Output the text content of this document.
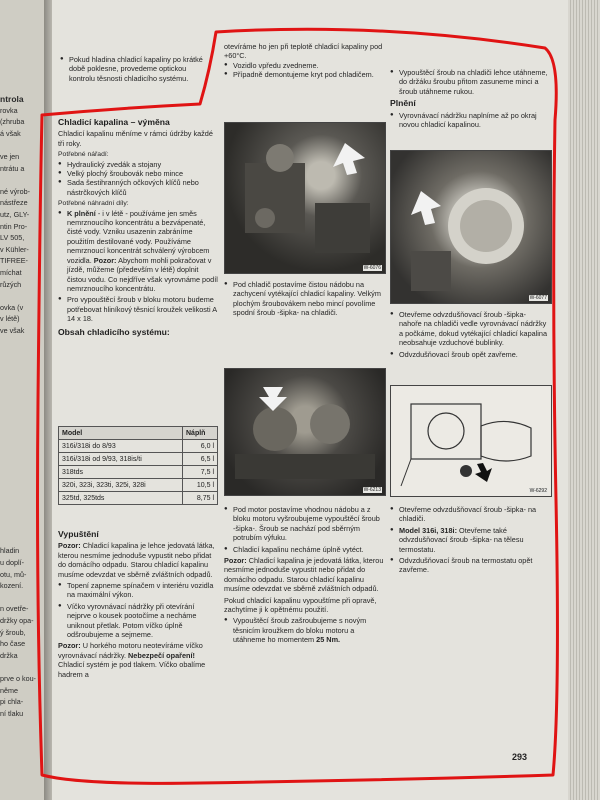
ntrola
rovka
(zhruba
á však
ve jen
ntrátu a
né výrob-
nástřeze
utz, GLY-
ntin Pro-
LV 505,
v Kühler-
TIFREE-
míchat
růzých
ovka (v
v létě)
ve však
hladin
u doplí-
otu, mů-
kození.
n ovetře-
držky opa-
ý šroub,
ho čase
držka
prve o kou-
něme
pi chla-
ní tlaku

● Pokud hladina chladicí kapaliny po krátké době poklesne, provedeme optickou kontrolu těsnosti chladicího systému.

Chladicí kapalina – výměna

Chladicí kapalinu měníme v rámci údržby každé tři roky.

Potřebné nářadí:

● Hydraulický zvedák a stojany

● Velký plochý šroubovák nebo mince

● Sada šestihranných očkových klíčů nebo nástrčkových klíčů

Potřebné náhradní díly:

● K plnění - i v létě - používáme jen směs nemrznoucího koncentrátu a bezvápenaté, čisté vody. Vzniku usazenin zabráníme použitím destilované vody. Používáme nemrznoucí koncentrát schválený výrobcem vozidla. Pozor: Abychom mohli pokračovat v jízdě, můžeme (především v létě) doplnit čistou vodu. Co nejdříve však vyrovnáme podíl nemrznoucího koncentrátu.

● Pro vypouštěcí šroub v bloku motoru budeme potřebovat hliníkový těsnicí kroužek velikosti A 14 x 18.

Obsah chladicího systému:

Model	Náplň
316i/318i do 8/93	6,0 l
316i/318i od 9/93, 318is/ti	6,5 l
318tds	7,5 l
320i, 323i, 323ti, 325i, 328i	10,5 l
325td, 325tds	8,75 l

Vypuštění

Pozor: Chladicí kapalina je lehce jedovatá látka, kterou nesmíme jednoduše vypustit nebo přidat do domácího odpadu. Starou chladicí kapalinu musíme odevzdat ve sběrně zvláštních odpadů.

● Topení zapneme spínačem v interiéru vozidla na maximální výkon.

● Víčko vyrovnávací nádržky při otevírání nejprve o kousek pootočíme a necháme uniknout přetlak. Potom víčko úplně odšroubujeme a sejmeme.

Pozor: U horkého motoru neotevíráme víčko vyrovnávací nádržky. Nebezpečí opaření! Chladicí systém je pod tlakem. Víčko obalíme hadrem a

otevíráme ho jen při teplotě chladicí kapaliny pod +60°C.

● Vozidlo vpředu zvedneme.

● Případně demontujeme kryt pod chladičem.

W-6076

● Pod chladič postavíme čistou nádobu na zachycení vytékající chladicí kapaliny. Velkým plochým šroubovákem nebo mincí povolíme spodní šroub -šipka- na chladiči.

W-6213

● Pod motor postavíme vhodnou nádobu a z bloku motoru vyšroubujeme vypouštěcí šroub -šipka-. Šroub se nachází pod sběrným potrubím výfuku.

● Chladicí kapalinu necháme úplně vytéct.

Pozor: Chladicí kapalina je jedovatá látka, kterou nesmíme jednoduše vypustit nebo přidat do domácího odpadu. Starou chladicí kapalinu musíme odevzdat ve sběrně zvláštních odpadů.

Pokud chladicí kapalinu vypouštíme při opravě, zachytíme ji k opětnému použití.

● Vypouštěcí šroub zašroubujeme s novým těsnicím kroužkem do bloku motoru a utáhneme ho momentem 25 Nm.

● Vypouštěcí šroub na chladiči lehce utáhneme, do držáku šroubu přitom zasuneme minci a šroub utáhneme rukou.

Plnění

● Vyrovnávací nádržku naplníme až po okraj novou chladicí kapalinou.

W-6077

● Otevřeme odvzdušňovací šroub -šipka- nahoře na chladiči vedle vyrovnávací nádržky a počkáme, dokud vytékající chladicí kapalina neobsahuje vzduchové bublinky.

● Odvzdušňovací šroub opět zavřeme.

W-6292

● Otevřeme odvzdušňovací šroub -šipka- na chladiči.

● Model 316i, 318i: Otevřeme také odvzdušňovací šroub -šipka- na tělesu termostatu.

● Odvzdušňovací šroub na termostatu opět zavřeme.

293
